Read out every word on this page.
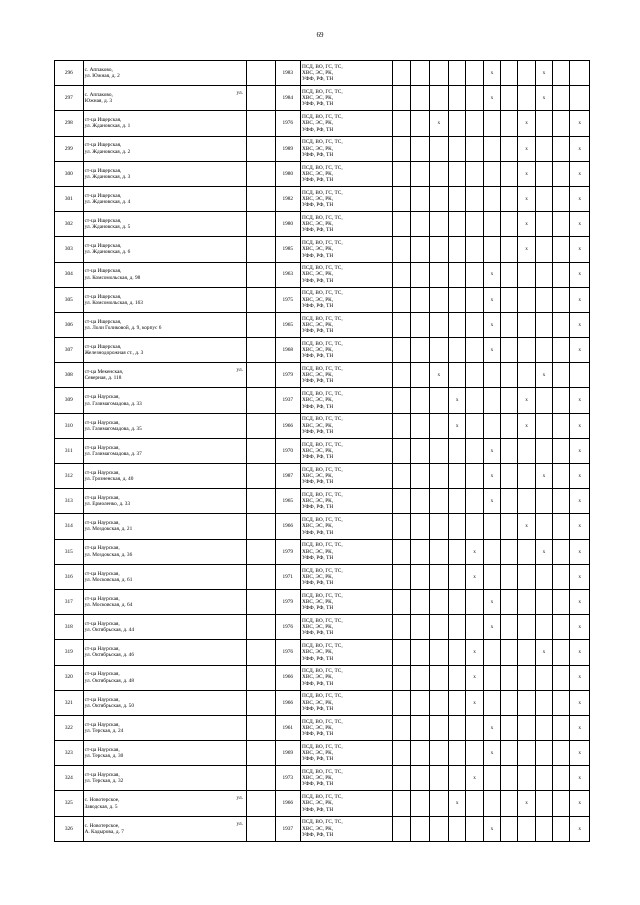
69
296	с. Аппаково,
ул. Южная, д. 2		1983	ПСД, ВО, ГС, ТС,
ХВС, ЭС, РК,
УФФ, РФ, ТН						x			x		
297	с. Аппаково,
Южная, д. 3
ул.		1984	ПСД, ВО, ГС, ТС,
ХВС, ЭС, РК,
УФФ, РФ, ТН						x			x		
298	ст-ца Ищерская,
ул. Ждановская, д. 1		1976	ПСД, ВО, ГС, ТС,
ХВС, ЭС, РК,
УФФ, РФ, ТН			x					x			x
299	ст-ца Ищерская,
ул. Ждановская, д. 2		1989	ПСД, ВО, ГС, ТС,
ХВС, ЭС, РК,
УФФ, РФ, ТН								x			x
300	ст-ца Ищерская,
ул. Ждановская, д. 3		1980	ПСД, ВО, ГС, ТС,
ХВС, ЭС, РК,
УФФ, РФ, ТН								x			x
301	ст-ца Ищерская,
ул. Ждановская, д. 4		1982	ПСД, ВО, ГС, ТС,
ХВС, ЭС, РК,
УФФ, РФ, ТН								x			x
302	ст-ца Ищерская,
ул. Ждановская, д. 5		1980	ПСД, ВО, ГС, ТС,
ХВС, ЭС, РК,
УФФ, РФ, ТН								x			x
303	ст-ца Ищерская,
ул. Ждановская, д. 6		1985	ПСД, ВО, ГС, ТС,
ХВС, ЭС, РК,
УФФ, РФ, ТН								x			x
304	ст-ца Ищерская,
ул. Комсомольская, д. 98		1963	ПСД, ВО, ГС, ТС,
ХВС, ЭС, РК,
УФФ, РФ, ТН						x					x
305	ст-ца Ищерская,
ул. Комсомольская, д. 163		1975	ПСД, ВО, ГС, ТС,
ХВС, ЭС, РК,
УФФ, РФ, ТН						x					x
306	ст-ца Ищерская,
ул. Лоли Голиковой, д. 9, корпус 6		1965	ПСД, ВО, ГС, ТС,
ХВС, ЭС, РК,
УФФ, РФ, ТН						x					x
307	ст-ца Ищерская,
Железнодорожная ст., д. 3		1968	ПСД, ВО, ГС, ТС,
ХВС, ЭС, РК,
УФФ, РФ, ТН						x					x
308	ст-ца Мекенская,
Северная, д. 118
ул.		1979	ПСД, ВО, ГС, ТС,
ХВС, ЭС, РК,
УФФ, РФ, ТН			x						x		
309	ст-ца Наурская,
ул. Газимагомадова, д. 33		1937	ПСД, ВО, ГС, ТС,
ХВС, ЭС, РК,
УФФ, РФ, ТН				x				x			x
310	ст-ца Наурская,
ул. Газимагомадова, д. 35		1966	ПСД, ВО, ГС, ТС,
ХВС, ЭС, РК,
УФФ, РФ, ТН				x				x			x
311	ст-ца Наурская,
ул. Газимагомадова, д. 37		1970	ПСД, ВО, ГС, ТС,
ХВС, ЭС, РК,
УФФ, РФ, ТН						x					x
312	ст-ца Наурская,
ул. Грозненская, д. 40		1987	ПСД, ВО, ГС, ТС,
ХВС, ЭС, РК,
УФФ, РФ, ТН						x			x		x
313	ст-ца Наурская,
ул. Ермоленко, д. 33		1965	ПСД, ВО, ГС, ТС,
ХВС, ЭС, РК,
УФФ, РФ, ТН						x					x
314	ст-ца Наурская,
ул. Моздокская, д. 21		1966	ПСД, ВО, ГС, ТС,
ХВС, ЭС, РК,
УФФ, РФ, ТН								x			x
315	ст-ца Наурская,
ул. Моздокская, д. 36		1979	ПСД, ВО, ГС, ТС,
ХВС, ЭС, РК,
УФФ, РФ, ТН					x				x		x
316	ст-ца Наурская,
ул. Московская, д. 61		1971	ПСД, ВО, ГС, ТС,
ХВС, ЭС, РК,
УФФ, РФ, ТН					x						x
317	ст-ца Наурская,
ул. Московская, д. 64		1979	ПСД, ВО, ГС, ТС,
ХВС, ЭС, РК,
УФФ, РФ, ТН						x					x
318	ст-ца Наурская,
ул. Октябрьская, д. 44		1976	ПСД, ВО, ГС, ТС,
ХВС, ЭС, РК,
УФФ, РФ, ТН						x					x
319	ст-ца Наурская,
ул. Октябрьская, д. 46		1976	ПСД, ВО, ГС, ТС,
ХВС, ЭС, РК,
УФФ, РФ, ТН					x				x		x
320	ст-ца Наурская,
ул. Октябрьская, д. 48		1966	ПСД, ВО, ГС, ТС,
ХВС, ЭС, РК,
УФФ, РФ, ТН					x						x
321	ст-ца Наурская,
ул. Октябрьская, д. 50		1966	ПСД, ВО, ГС, ТС,
ХВС, ЭС, РК,
УФФ, РФ, ТН					x						x
322	ст-ца Наурская,
ул. Терская, д. 24		1961	ПСД, ВО, ГС, ТС,
ХВС, ЭС, РК,
УФФ, РФ, ТН						x					x
323	ст-ца Наурская,
ул. Терская, д. 30		1969	ПСД, ВО, ГС, ТС,
ХВС, ЭС, РК,
УФФ, РФ, ТН						x					x
324	ст-ца Наурская,
ул. Терская, д. 32		1973	ПСД, ВО, ГС, ТС,
ХВС, ЭС, РК,
УФФ, РФ, ТН					x						x
325	с. Новотерское,
Заводская, д. 5
ул.		1966	ПСД, ВО, ГС, ТС,
ХВС, ЭС, РК,
УФФ, РФ, ТН				x				x			x
326	с. Новотерское,
А. Кадырова, д. 7
ул.		1937	ПСД, ВО, ГС, ТС,
ХВС, ЭС, РК,
УФФ, РФ, ТН						x					x
